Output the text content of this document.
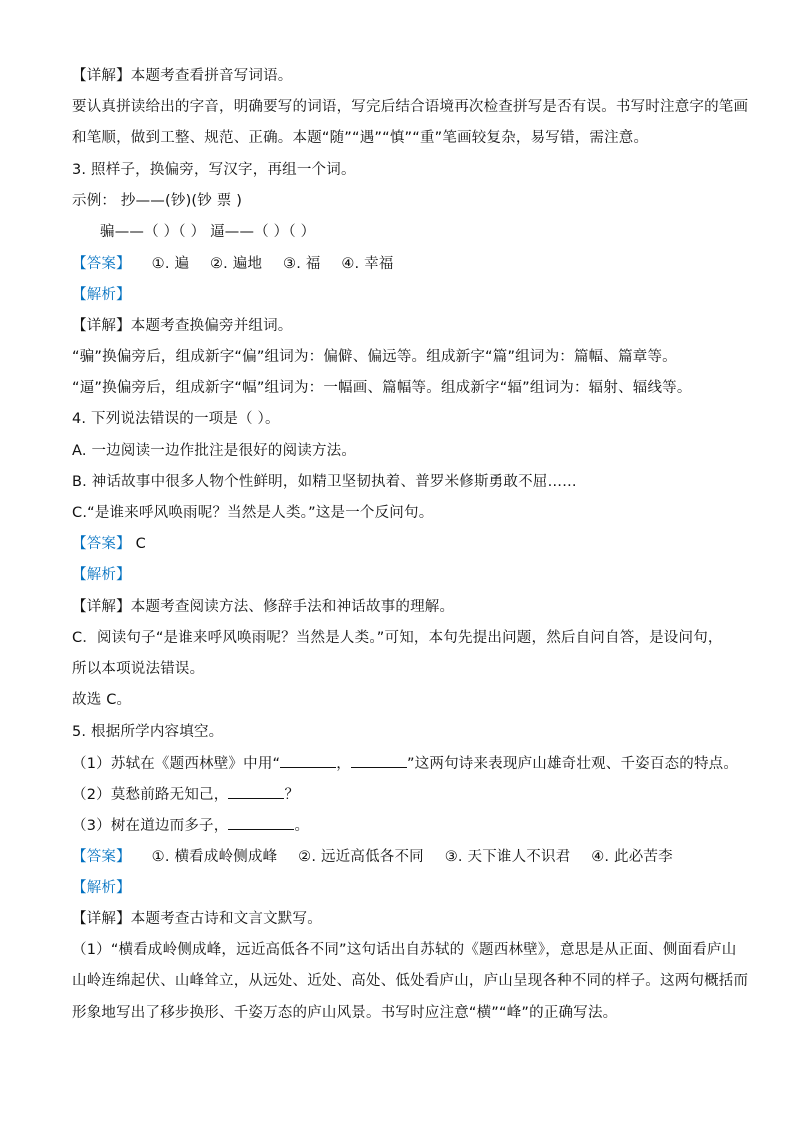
【详解】本题考查看拼音写词语。
要认真拼读给出的字音，明确要写的词语，写完后结合语境再次检查拼写是否有误。书写时注意字的笔画
和笔顺，做到工整、规范、正确。本题“随”“遇”“慎”“重”笔画较复杂，易写错，需注意。
3. 照样子，换偏旁，写汉字，再组一个词。
示例： 抄——(钞)(钞 票 )
骗——（ ）（ ） 逼——（ ）（ ）
【答案】 ①. 遍 ②. 遍地 ③. 福 ④. 幸福
【解析】
【详解】本题考查换偏旁并组词。
“骗”换偏旁后，组成新字“偏”组词为：偏僻、偏远等。组成新字“篇”组词为：篇幅、篇章等。
“逼”换偏旁后，组成新字“幅”组词为：一幅画、篇幅等。组成新字“辐”组词为：辐射、辐线等。
4. 下列说法错误的一项是（ ）。
A. 一边阅读一边作批注是很好的阅读方法。
B. 神话故事中很多人物个性鲜明，如精卫坚韧执着、普罗米修斯勇敢不屈……
C.“是谁来呼风唤雨呢？当然是人类。”这是一个反问句。
【答案】 C
【解析】
【详解】本题考查阅读方法、修辞手法和神话故事的理解。
C．阅读句子“是谁来呼风唤雨呢？当然是人类。”可知，本句先提出问题，然后自问自答，是设问句，
所以本项说法错误。
故选 C。
5. 根据所学内容填空。
（1）苏轼在《题西林壁》中用“	，	”这两句诗来表现庐山雄奇壮观、千姿百态的特点。
（2）莫愁前路无知己，	？
（3）树在道边而多子，	。
【答案】 ①. 横看成岭侧成峰 ②. 远近高低各不同 ③. 天下谁人不识君 ④. 此必苦李
【解析】
【详解】本题考查古诗和文言文默写。
（1）“横看成岭侧成峰，远近高低各不同”这句话出自苏轼的《题西林壁》，意思是从正面、侧面看庐山
山岭连绵起伏、山峰耸立，从远处、近处、高处、低处看庐山，庐山呈现各种不同的样子。这两句概括而
形象地写出了移步换形、千姿万态的庐山风景。书写时应注意“横”“峰”的正确写法。
